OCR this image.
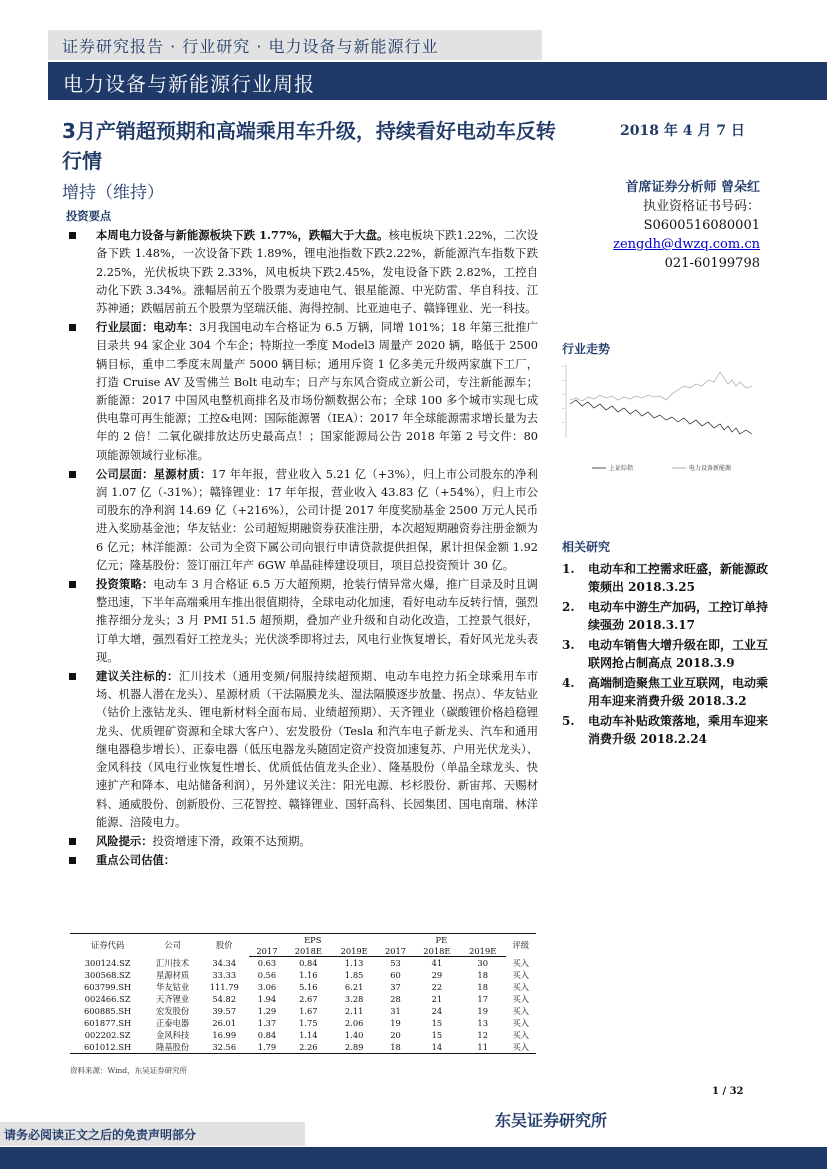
证券研究报告 · 行业研究 · 电力设备与新能源行业
电力设备与新能源行业周报
3月产销超预期和高端乘用车升级，持续看好电动车反转行情
2018 年 4 月 7 日
增持（维持）	首席证券分析师 曾朵红
执业资格证书号码：
S0600516080001
zengdh@dwzq.com.cn
021-60199798
投资要点
本周电力设备与新能源板块下跌 1.77%，跌幅大于大盘。核电板块下跌1.22%，二次设备下跌 1.48%，一次设备下跌 1.89%，锂电池指数下跌2.22%，新能源汽车指数下跌 2.25%，光伏板块下跌 2.33%，风电板块下跌2.45%，发电设备下跌 2.82%，工控自动化下跌 3.34%。涨幅居前五个股票为麦迪电气、银星能源、中光防雷、华自科技、江苏神通；跌幅居前五个股票为坚瑞沃能、海得控制、比亚迪电子、赣锋锂业、光一科技。
行业层面：电动车：3月我国电动车合格证为 6.5 万辆，同增 101%；18 年第三批推广目录共 94 家企业 304 个车企；特斯拉一季度 Model3 周量产 2020 辆，略低于 2500 辆目标，重申二季度末周量产 5000 辆目标；通用斥资 1 亿多美元升级两家旗下工厂，打造 Cruise AV 及雪佛兰 Bolt 电动车；日产与东风合资成立新公司，专注新能源车；新能源：2017 中国风电整机商排名及市场份额数据公布；全球 100 多个城市实现七成供电靠可再生能源；工控&电网：国际能源署（IEA）：2017 年全球能源需求增长量为去年的 2 倍！二氧化碳排放达历史最高点！；国家能源局公告 2018 年第 2 号文件：80 项能源领域行业标准。
公司层面：星源材质：17 年年报，营业收入 5.21 亿（+3%），归上市公司股东的净利润 1.07 亿（-31%）；赣锋锂业：17 年年报，营业收入 43.83 亿（+54%），归上市公司股东的净利润 14.69 亿（+216%），公司计提 2017 年度奖励基金 2500 万元人民币进入奖励基金池；华友钴业：公司超短期融资券获准注册，本次超短期融资券注册金额为 6 亿元；林洋能源：公司为全资下属公司向银行申请贷款提供担保，累计担保金额 1.92 亿元；隆基股份：签订丽江年产 6GW 单晶硅棒建设项目，项目总投资预计 30 亿。
投资策略：电动车 3 月合格证 6.5 万大超预期，抢装行情异常火爆，推广目录及时且调整迅速，下半年高端乘用车推出很值期待，全球电动化加速，看好电动车反转行情，强烈推荐细分龙头；3 月 PMI 51.5 超预期，叠加产业升级和自动化改造，工控景气很好，订单大增，强烈看好工控龙头；光伏淡季即将过去，风电行业恢复增长，看好风光龙头表现。
建议关注标的：汇川技术（通用变频/伺服持续超预期、电动车电控力拓全球乘用车市场、机器人潜在龙头）、星源材质（干法隔膜龙头、湿法隔膜逐步放量、拐点）、华友钴业（钴价上涨钴龙头、锂电新材料全面布局、业绩超预期）、天齐锂业（碳酸锂价格趋稳锂龙头、优质锂矿资源和全球大客户）、宏发股份（Tesla 和汽车电子新龙头、汽车和通用继电器稳步增长）、正泰电器（低压电器龙头随固定资产投资加速复苏、户用光伏龙头）、金风科技（风电行业恢复性增长、优质低估值龙头企业）、隆基股份（单晶全球龙头、快速扩产和降本、电站储备利润），另外建议关注：阳光电源、杉杉股份、新宙邦、天赐材料、通威股份、创新股份、三花智控、赣锋锂业、国轩高科、长园集团、国电南瑞、林洋能源、涪陵电力。
风险提示：投资增速下滑，政策不达预期。
重点公司估值：
证券代码	公司	股价	EPS			PE			评级
			2017	2018E	2019E	2017	2018E	2019E	
300124.SZ	汇川技术	34.34	0.63	0.84	1.13	53	41	30	买入
300568.SZ	星源材质	33.33	0.56	1.16	1.85	60	29	18	买入
603799.SH	华友钴业	111.79	3.06	5.16	6.21	37	22	18	买入
002466.SZ	天齐锂业	54.82	1.94	2.67	3.28	28	21	17	买入
600885.SH	宏发股份	39.57	1.29	1.67	2.11	31	24	19	买入
601877.SH	正泰电器	26.01	1.37	1.75	2.06	19	15	13	买入
002202.SZ	金风科技	16.99	0.84	1.14	1.40	20	15	12	买入
601012.SH	隆基股份	32.56	1.79	2.26	2.89	18	14	11	买入
资料来源：Wind，东吴证券研究所
行业走势
─
─
─
─
─
上证综指	电力设备新能源
相关研究
1. 电动车和工控需求旺盛，新能源政策频出 2018.3.25
2. 电动车中游生产加码，工控订单持续强劲 2018.3.17
3. 电动车销售大增升级在即，工业互联网抢占制高点 2018.3.9
4. 高端制造聚焦工业互联网，电动乘用车迎来消费升级 2018.3.2
5. 电动车补贴政策落地，乘用车迎来消费升级 2018.2.24
1 / 32
东吴证券研究所
请务必阅读正文之后的免责声明部分
